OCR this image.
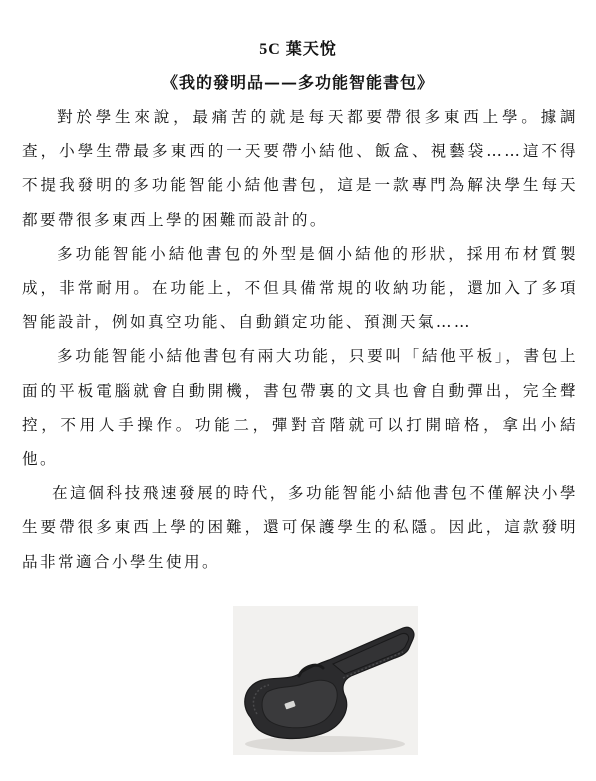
5C 葉天悅
《我的發明品——多功能智能書包》

對於學生來說，最痛苦的就是每天都要帶很多東西上學。據調查，小學生帶最多東西的一天要帶小結他、飯盒、視藝袋……這不得不提我發明的多功能智能小結他書包，這是一款專門為解決學生每天都要帶很多東西上學的困難而設計的。

多功能智能小結他書包的外型是個小結他的形狀，採用布材質製成，非常耐用。在功能上，不但具備常規的收納功能，還加入了多項智能設計，例如真空功能、自動鎖定功能、預測天氣……

多功能智能小結他書包有兩大功能，只要叫「結他平板」，書包上面的平板電腦就會自動開機，書包帶裏的文具也會自動彈出，完全聲控，不用人手操作。功能二，彈對音階就可以打開暗格，拿出小結他。

在這個科技飛速發展的時代，多功能智能小結他書包不僅解決小學生要帶很多東西上學的困難，還可保護學生的私隱。因此，這款發明品非常適合小學生使用。
